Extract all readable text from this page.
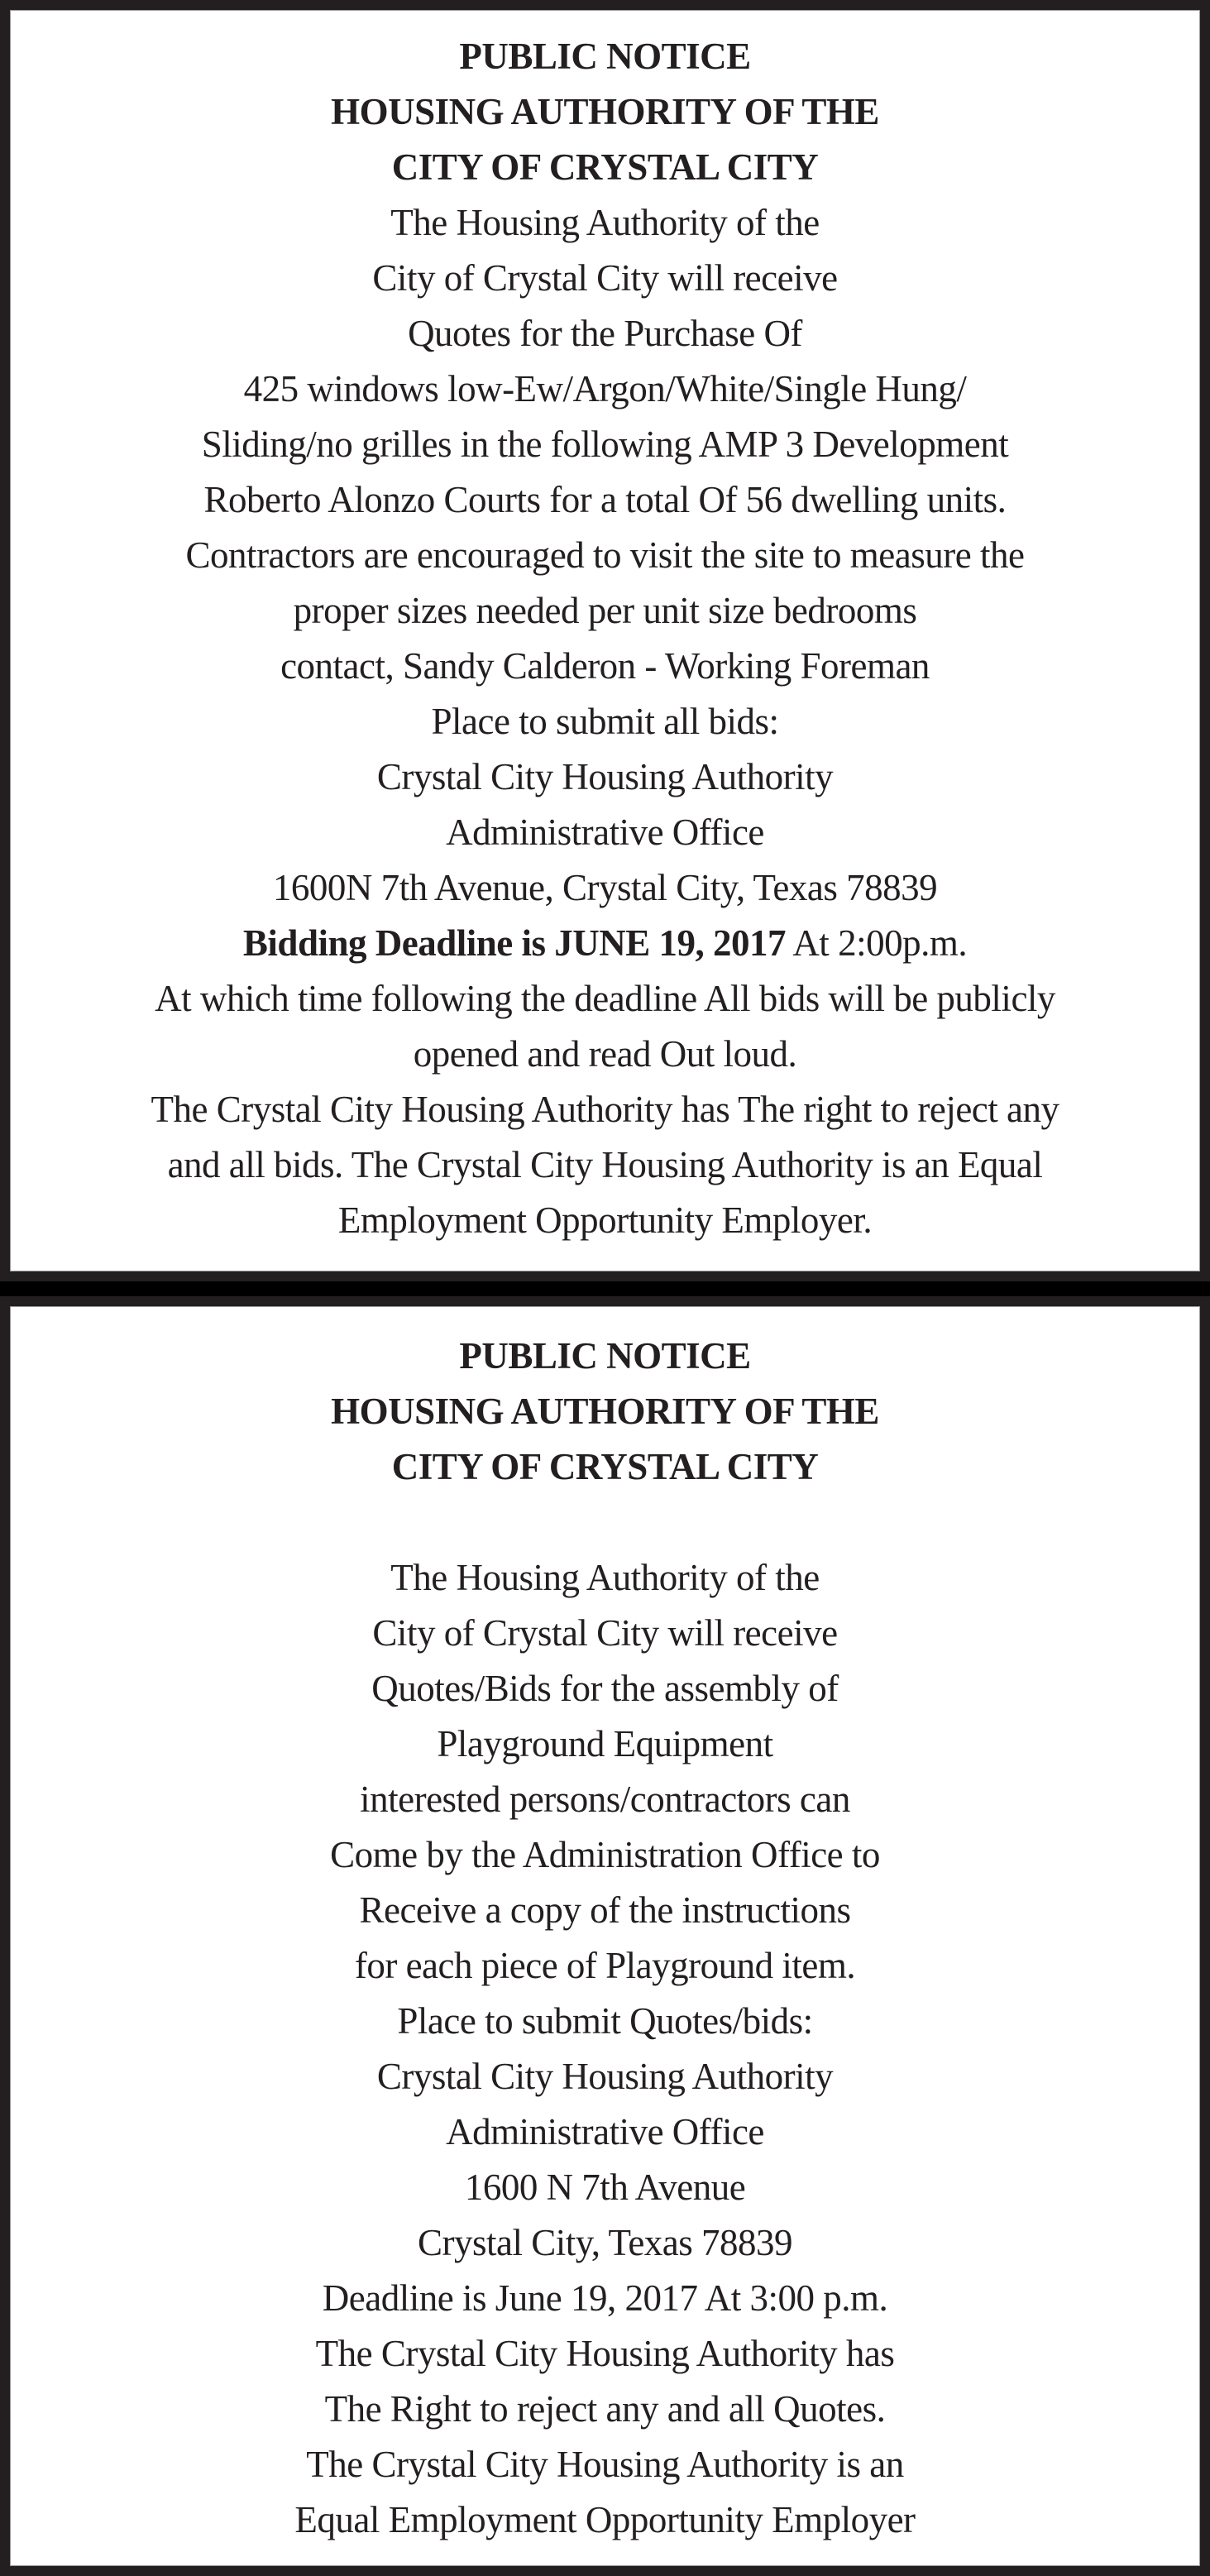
PUBLIC NOTICE
HOUSING AUTHORITY OF THE
CITY OF CRYSTAL CITY
The Housing Authority of the
City of Crystal City will receive
Quotes for the Purchase Of
425 windows low-Ew/Argon/White/Single Hung/
Sliding/no grilles in the following AMP 3 Development
Roberto Alonzo Courts for a total Of 56 dwelling units.
Contractors are encouraged to visit the site to measure the
proper sizes needed per unit size bedrooms
contact, Sandy Calderon - Working Foreman
Place to submit all bids:
Crystal City Housing Authority
Administrative Office
1600N 7th Avenue, Crystal City, Texas 78839
Bidding Deadline is JUNE 19, 2017 At 2:00p.m.
At which time following the deadline All bids will be publicly
opened and read Out loud.
The Crystal City Housing Authority has The right to reject any
and all bids. The Crystal City Housing Authority is an Equal
Employment Opportunity Employer.
PUBLIC NOTICE
HOUSING AUTHORITY OF THE
CITY OF CRYSTAL CITY
The Housing Authority of the
City of Crystal City will receive
Quotes/Bids for the assembly of
Playground Equipment
interested persons/contractors can
Come by the Administration Office to
Receive a copy of the instructions
for each piece of Playground item.
Place to submit Quotes/bids:
Crystal City Housing Authority
Administrative Office
1600 N 7th Avenue
Crystal City, Texas 78839
Deadline is June 19, 2017 At 3:00 p.m.
The Crystal City Housing Authority has
The Right to reject any and all Quotes.
The Crystal City Housing Authority is an
Equal Employment Opportunity Employer
